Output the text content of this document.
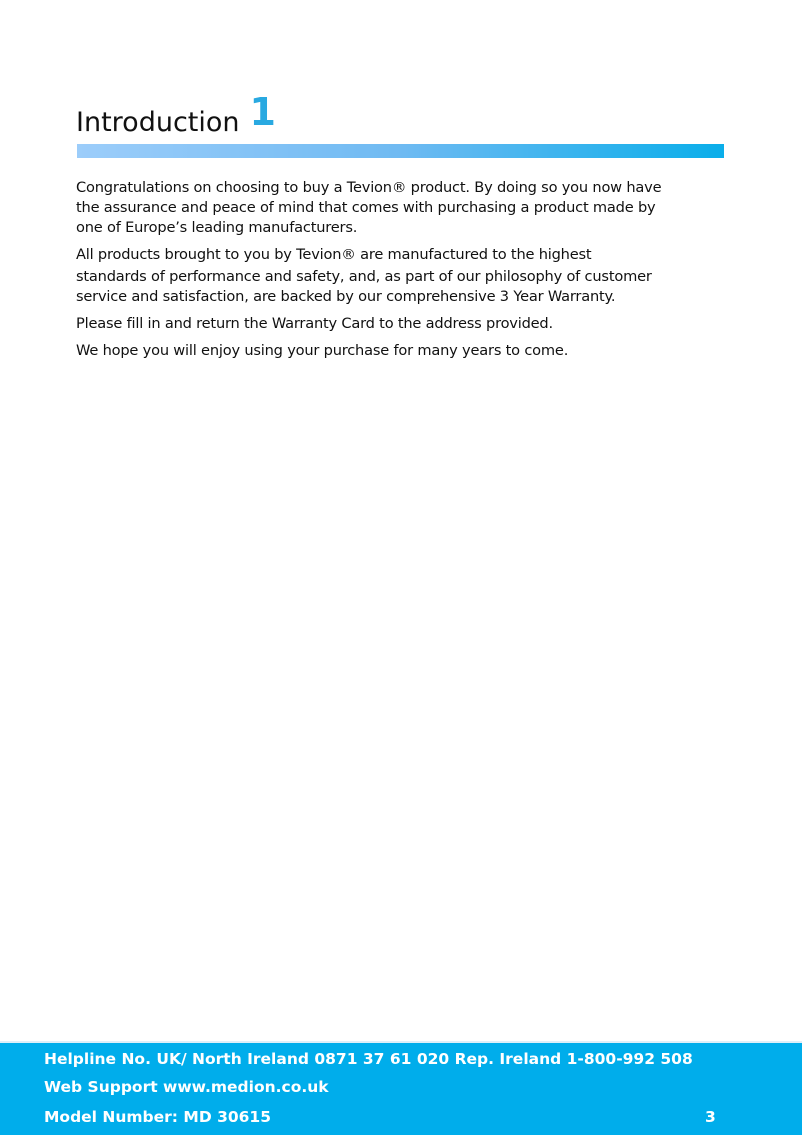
Introduction 1
Congratulations on choosing to buy a Tevion® product. By doing so you now have
the assurance and peace of mind that comes with purchasing a product made by
one of Europe’s leading manufacturers.
All products brought to you by Tevion® are manufactured to the highest
standards of performance and safety, and, as part of our philosophy of customer
service and satisfaction, are backed by our comprehensive 3 Year Warranty.
Please fill in and return the Warranty Card to the address provided.
We hope you will enjoy using your purchase for many years to come.
Helpline No. UK/ North Ireland 0871 37 61 020 Rep. Ireland 1-800-992 508
Web Support www.medion.co.uk
Model Number: MD 30615	3
